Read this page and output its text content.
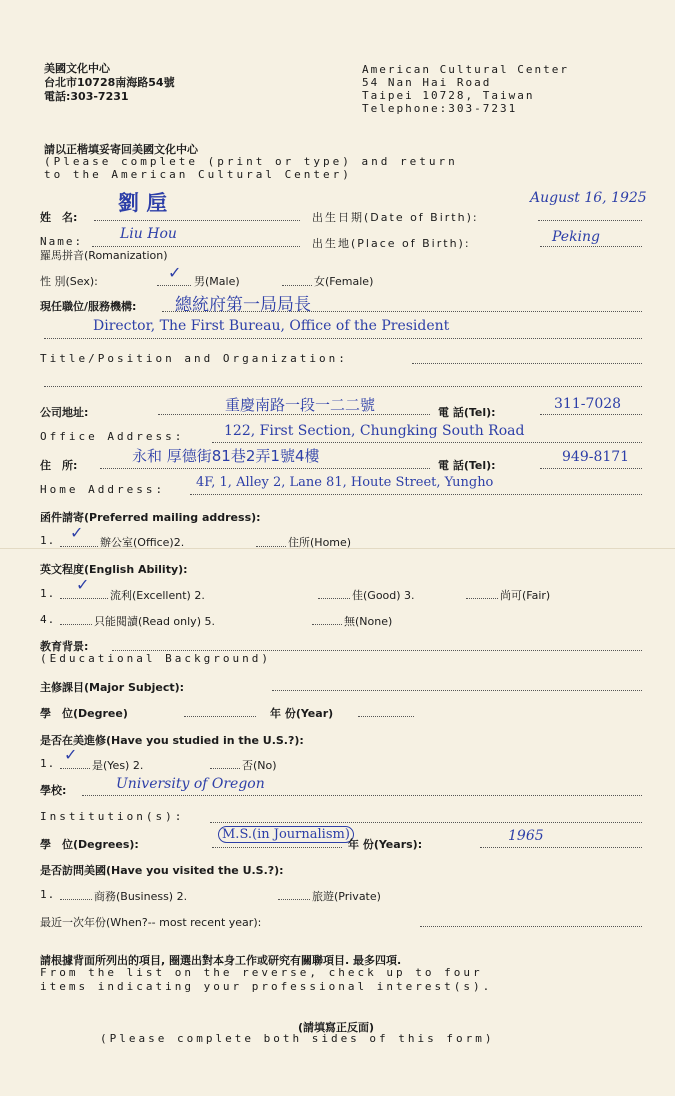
美國文化中心
台北市10728南海路54號
電話:303-7231
American Cultural Center
54 Nan Hai Road
Taipei 10728, Taiwan
Telephone:303-7231
請以正楷填妥寄回美國文化中心
(Please complete (print or type) and return
to the American Cultural Center)
姓　名:
劉 垕
出生日期(Date of Birth):
August 16, 1925
Name:	Liu Hou
羅馬拼音(Romanization)
出生地(Place of Birth):	Peking
性 別(Sex):	✓ 男(Male)	女(Female)
現任職位/服務機構: 總統府第一局局長
Director, The First Bureau, Office of the President
Title/Position and Organization:
公司地址:	重慶南路一段一二二號	電 話(Tel):
311-7028
Office Address:	122, First Section, Chungking South Road
住　所:
永和 厚德街81巷2弄1號4樓
電 話(Tel):
949-8171
Home Address: 4F, 1, Alley 2, Lane 81, Houte Street, Yungho
函件請寄(Preferred mailing address):
1. ✓
辦公室(Office)2.	住所(Home)
英文程度(English Ability):
1. ✓
流利(Excellent) 2.	佳(Good) 3.	尚可(Fair)
4.	只能閱讀(Read only) 5.	無(None)
教育背景:
(Educational Background)
主修課目(Major Subject):
學　位(Degree)	年 份(Year)
是否在美進修(Have you studied in the U.S.?):
1. ✓
是(Yes) 2.	否(No)
學校:	University of Oregon
Institution(s):
學　位(Degrees):
M.S.(in Journalism)
年 份(Years):
1965
是否訪問美國(Have you visited the U.S.?):
1.	商務(Business) 2.	旅遊(Private)
最近一次年份(When?-- most recent year):
請根據背面所列出的項目, 圈選出對本身工作或研究有關聯項目. 最多四項.
From the list on the reverse, check up to four
items indicating your professional interest(s).
(請填寫正反面)
(Please complete both sides of this form)
